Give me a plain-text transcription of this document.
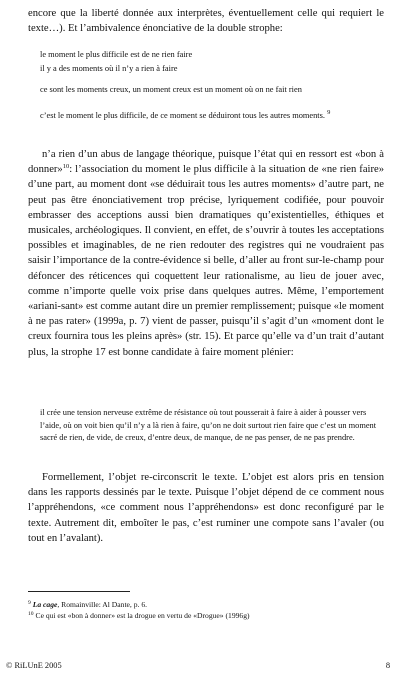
encore que la liberté donnée aux interprètes, éventuellement celle qui requiert le texte…). Et l’ambivalence énonciative de la double strophe:

le moment le plus difficile est de ne rien faire

il y a des moments où il n’y a rien à faire

ce sont les moments creux, un moment creux est un moment où on ne fait rien

c’est le moment le plus difficile, de ce moment se déduiront tous les autres moments. $^9$

n’a rien d’un abus de langage théorique, puisque l’état qui en ressort est «bon à donner»$^{10}$: l’association du moment le plus difficile à la situation de «ne rien faire» d’une part, au moment dont «se déduirait tous les autres moments» d’autre part, ne peut pas être énonciativement trop précise, lyriquement codifiée, pour pouvoir embrasser des acceptions aussi bien dramatiques qu’existentielles, éthiques et musicales, archéologiques. Il convient, en effet, de s’ouvrir à toutes les acceptations possibles et imaginables, de ne rien redouter des registres qui ne voudraient pas saisir l’importance de la contre-évidence si belle, d’aller au front sur-le-champ pour défoncer des réticences qui coquettent leur rationalisme, au lieu de jouer avec, comme n’importe quelle voix prise dans quelques autres. Même, l’emportement «ariani-sant» est comme autant dire un premier remplissement; puisque «le moment à ne pas rater» (1999a, p. 7) vient de passer, puisqu’il s’agit d’un «moment dont le creux fournira tous les pleins après» (str. 15). Et parce qu’elle va d’un trait d’autant plus, la strophe 17 est bonne candidate à faire moment plénier:

il crée une tension nerveuse extrême de résistance où tout pousserait à faire à aider à pousser vers l’aide, où on voit bien qu’il n’y a là rien à faire, qu’on ne doit surtout rien faire que c’est un moment sacré de rien, de vide, de creux, d’entre deux, de manque, de ne pas penser, de ne pas prendre.

Formellement, l’objet re-circonscrit le texte. L’objet est alors pris en tension dans les rapports dessinés par le texte. Puisque l’objet dépend de ce comment nous l’appréhendons, «ce comment nous l’appréhendons» est donc reconfiguré par le texte. Autrement dit, emboîter le pas, c’est ruminer une compote sans l’avaler (ou tout en l’avalant).

$^9$ La cage, Romainville: Al Dante, p. 6.

$^{10}$ Ce qui est «bon à donner» est la drogue en vertu de «Drogue» (1996g)

© RiLUnE 2005	8
